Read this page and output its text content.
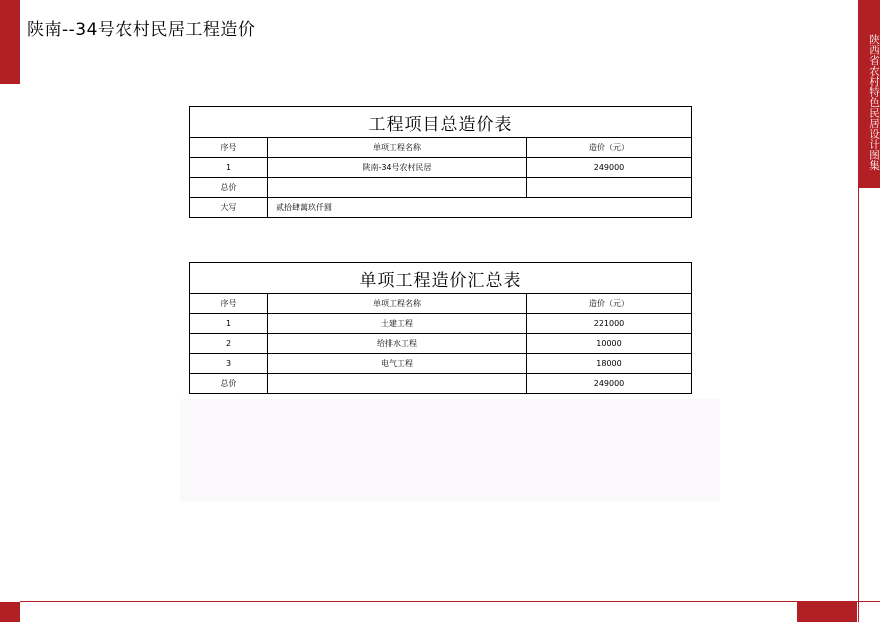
陕西省农村特色民居设计图集
陕南--34号农村民居工程造价
工程项目总造价表		
序号	单项工程名称	造价（元）
1	陕南-34号农村民居	249000
总价		
大写	贰拾肆萬玖仟圆	
单项工程造价汇总表		
序号	单项工程名称	造价（元）
1	土建工程	221000
2	给排水工程	10000
3	电气工程	18000
总价		249000
